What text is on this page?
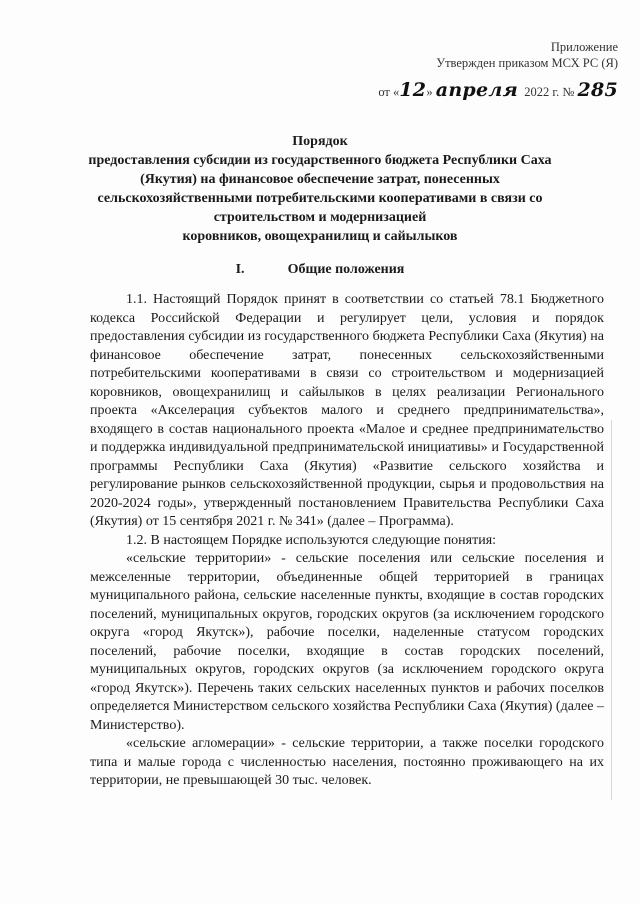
Приложение
Утвержден приказом МСХ РС (Я)
от «12» апреля 2022 г. № 285
Порядок
предоставления субсидии из государственного бюджета Республики Саха
(Якутия) на финансовое обеспечение затрат, понесенных
сельскохозяйственными потребительскими кооперативами в связи со
строительством и модернизацией
коровников, овощехранилищ и сайылыков
I.	Общие положения

1.1. Настоящий Порядок принят в соответствии со статьей 78.1 Бюджетного кодекса Российской Федерации и регулирует цели, условия и порядок предоставления субсидии из государственного бюджета Республики Саха (Якутия) на финансовое обеспечение затрат, понесенных сельскохозяйственными потребительскими кооперативами в связи со строительством и модернизацией коровников, овощехранилищ и сайылыков в целях реализации Регионального проекта «Акселерация субъектов малого и среднего предпринимательства», входящего в состав национального проекта «Малое и среднее предпринимательство и поддержка индивидуальной предпринимательской инициативы» и Государственной программы Республики Саха (Якутия) «Развитие сельского хозяйства и регулирование рынков сельскохозяйственной продукции, сырья и продовольствия на 2020-2024 годы», утвержденный постановлением Правительства Республики Саха (Якутия) от 15 сентября 2021 г. № 341» (далее – Программа).

1.2. В настоящем Порядке используются следующие понятия:

«сельские территории» - сельские поселения или сельские поселения и межселенные территории, объединенные общей территорией в границах муниципального района, сельские населенные пункты, входящие в состав городских поселений, муниципальных округов, городских округов (за исключением городского округа «город Якутск»), рабочие поселки, наделенные статусом городских поселений, рабочие поселки, входящие в состав городских поселений, муниципальных округов, городских округов (за исключением городского округа «город Якутск»). Перечень таких сельских населенных пунктов и рабочих поселков определяется Министерством сельского хозяйства Республики Саха (Якутия) (далее – Министерство).

«сельские агломерации» - сельские территории, а также поселки городского типа и малые города с численностью населения, постоянно проживающего на их территории, не превышающей 30 тыс. человек.
